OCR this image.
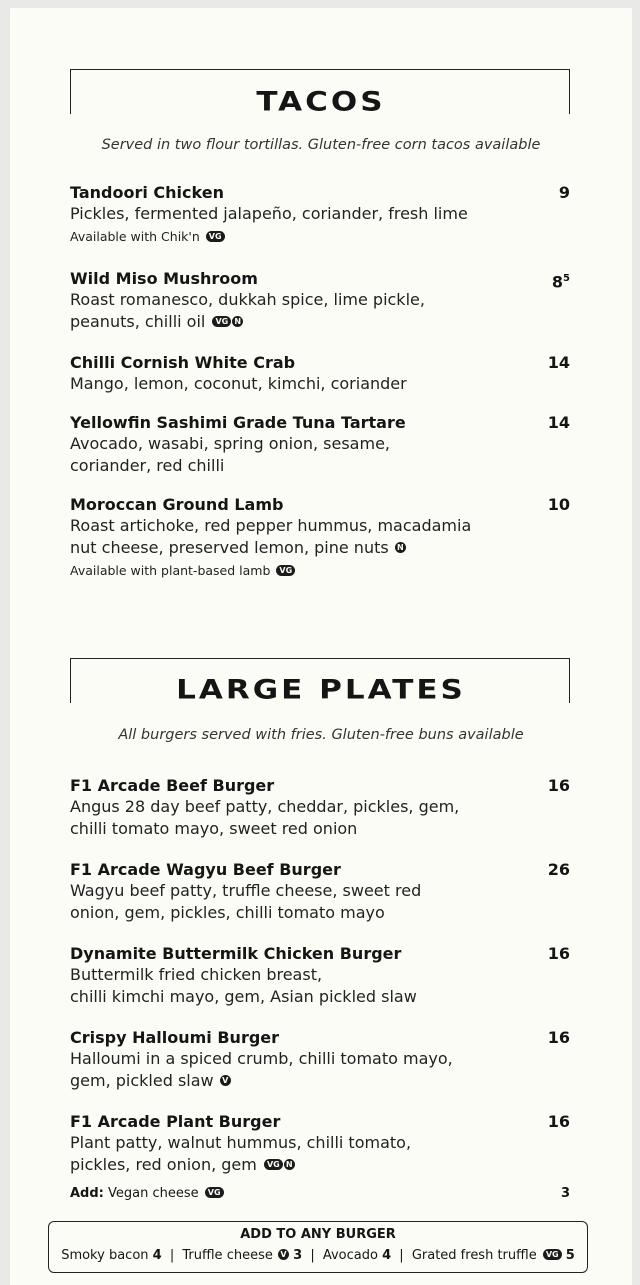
TACOS
Served in two flour tortillas. Gluten-free corn tacos available
Tandoori Chicken	9
Pickles, fermented jalapeño, coriander, fresh lime
Available with Chik'n VG
Wild Miso Mushroom	$8^5$
Roast romanesco, dukkah spice, lime pickle,
peanuts, chilli oil VG N
Chilli Cornish White Crab	14
Mango, lemon, coconut, kimchi, coriander
Yellowfin Sashimi Grade Tuna Tartare	14
Avocado, wasabi, spring onion, sesame,
coriander, red chilli
Moroccan Ground Lamb	10
Roast artichoke, red pepper hummus, macadamia
nut cheese, preserved lemon, pine nuts N
Available with plant-based lamb VG
LARGE PLATES
All burgers served with fries. Gluten-free buns available
F1 Arcade Beef Burger	16
Angus 28 day beef patty, cheddar, pickles, gem,
chilli tomato mayo, sweet red onion
F1 Arcade Wagyu Beef Burger	26
Wagyu beef patty, truffle cheese, sweet red
onion, gem, pickles, chilli tomato mayo
Dynamite Buttermilk Chicken Burger	16
Buttermilk fried chicken breast,
chilli kimchi mayo, gem, Asian pickled slaw
Crispy Halloumi Burger	16
Halloumi in a spiced crumb, chilli tomato mayo,
gem, pickled slaw V
F1 Arcade Plant Burger	16
Plant patty, walnut hummus, chilli tomato,
pickles, red onion, gem VG N
Add: Vegan cheese VG	3
ADD TO ANY BURGER
Smoky bacon 4 | Truffle cheese V 3 | Avocado 4 | Grated fresh truffle VG 5
